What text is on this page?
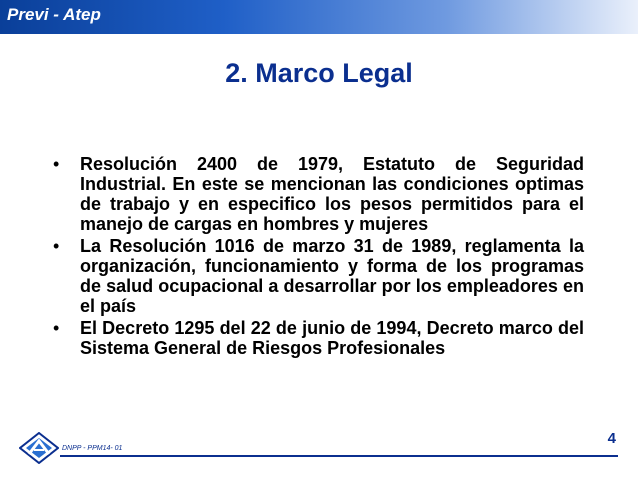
Previ - Atep
2. Marco Legal
• Resolución 2400 de 1979, Estatuto de Seguridad Industrial. En este se mencionan las condiciones optimas de trabajo y en especifico los pesos permitidos para el manejo de cargas en hombres y mujeres
• La Resolución 1016 de marzo 31 de 1989, reglamenta la organización, funcionamiento y forma de los programas de salud ocupacional a desarrollar por los empleadores en el país
• El Decreto 1295 del 22 de junio de 1994, Decreto marco del Sistema General de Riesgos Profesionales
DNPP - PPM14- 01
4
